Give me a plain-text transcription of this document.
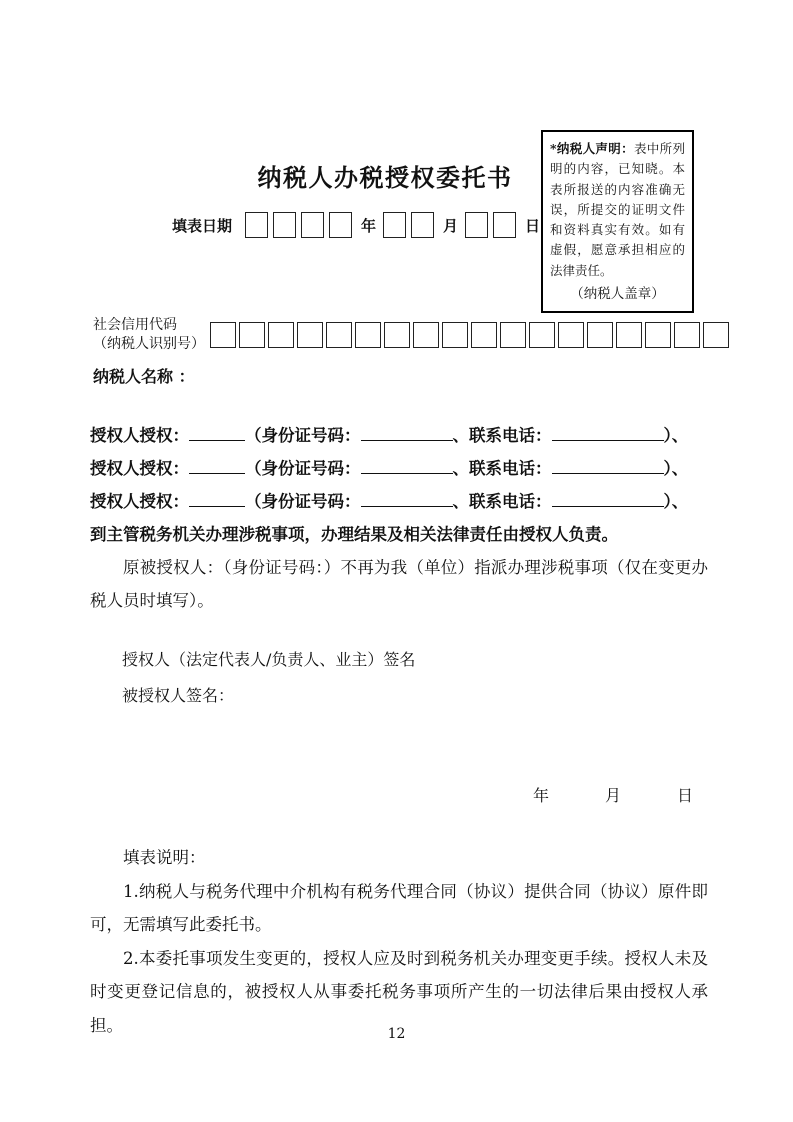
*纳税人声明：表中所列明的内容，已知晓。本表所报送的内容准确无误，所提交的证明文件和资料真实有效。如有虚假，愿意承担相应的法律责任。
（纳税人盖章）
纳税人办税授权委托书
填表日期	年	月	日
社会信用代码
（纳税人识别号）
纳税人名称 ：
授权人授权：	（身份证号码：	、联系电话：	）、
授权人授权：	（身份证号码：	、联系电话：	）、
授权人授权：	（身份证号码：	、联系电话：	）、
到主管税务机关办理涉税事项，办理结果及相关法律责任由授权人负责。
原被授权人：（身份证号码：）不再为我（单位）指派办理涉税事项（仅在变更办税人员时填写）。
授权人（法定代表人/负责人、业主）签名
被授权人签名：
年　　　月　　　日
填表说明：

1.纳税人与税务代理中介机构有税务代理合同（协议）提供合同（协议）原件即可，无需填写此委托书。

2.本委托事项发生变更的，授权人应及时到税务机关办理变更手续。授权人未及时变更登记信息的，被授权人从事委托税务事项所产生的一切法律后果由授权人承担。	12
